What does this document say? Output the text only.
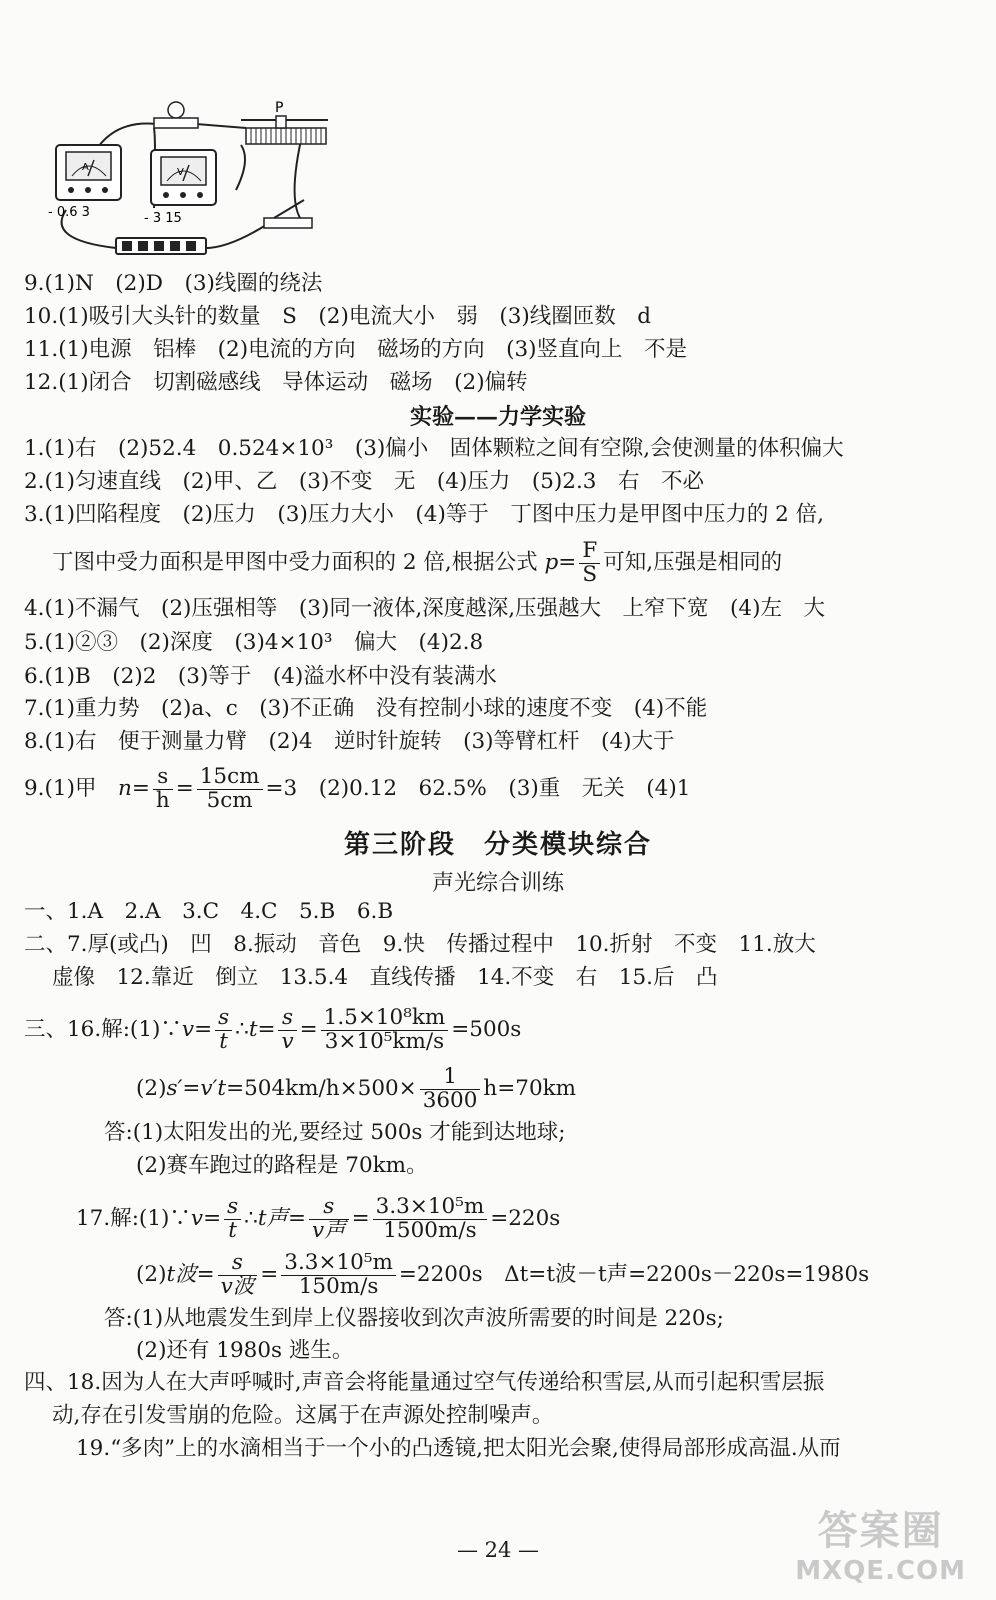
A
- 0.6 3
V
- 3 15
P
9.(1)N　(2)D　(3)线圈的绕法
10.(1)吸引大头针的数量　S　(2)电流大小　弱　(3)线圈匝数　d
11.(1)电源　铝棒　(2)电流的方向　磁场的方向　(3)竖直向上　不是
12.(1)闭合　切割磁感线　导体运动　磁场　(2)偏转
实验——力学实验
1.(1)右　(2)52.4　0.524×10³　(3)偏小　固体颗粒之间有空隙,会使测量的体积偏大
2.(1)匀速直线　(2)甲、乙　(3)不变　无　(4)压力　(5)2.3　右　不必
3.(1)凹陷程度　(2)压力　(3)压力大小　(4)等于　丁图中压力是甲图中压力的 2 倍,
丁图中受力面积是甲图中受力面积的 2 倍,根据公式 $p= \frac{F}{S}$ 可知,压强是相同的
4.(1)不漏气　(2)压强相等　(3)同一液体,深度越深,压强越大　上窄下宽　(4)左　大
5.(1)②③　(2)深度　(3)4×10³　偏大　(4)2.8
6.(1)B　(2)2　(3)等于　(4)溢水杯中没有装满水
7.(1)重力势　(2)a、c　(3)不正确　没有控制小球的速度不变　(4)不能
8.(1)右　便于测量力臂　(2)4　逆时针旋转　(3)等臂杠杆　(4)大于
9.(1)甲　$n= \frac{s}{h} = \frac{15cm}{5cm} =3$　(2)0.12　62.5%　(3)重　无关　(4)1
第三阶段　分类模块综合
声光综合训练
一、1.A　2.A　3.C　4.C　5.B　6.B
二、7.厚(或凸)　凹　8.振动　音色　9.快　传播过程中　10.折射　不变　11.放大
虚像　12.靠近　倒立　13.5.4　直线传播　14.不变　右　15.后　凸
三、16.解:(1)∵v= $\frac{s}{t}$ ∴t= $\frac{s}{v} = \frac{\text{1.5×10⁸km}}{\text{3×10⁵km/s}} =500s$
$(2)s'=v't=504km/h\times 500\times \frac{1}{3600} h=70km$
答:(1)太阳发出的光,要经过 500s 才能到达地球;
(2)赛车跑过的路程是 70km。
17.解:(1)∵v= $\frac{s}{t}$ ∴t声= $\frac{s}{\text{v声}} = \frac{\text{3.3×10⁵m}}{1500m/s} =220s$
(2)t波= $\frac{s}{\text{v波}} = \frac{\text{3.3×10⁵m}}{150m/s} =2200s$　Δt=t波－t声=2200s－220s=1980s
答:(1)从地震发生到岸上仪器接收到次声波所需要的时间是 220s;
(2)还有 1980s 逃生。
四、18.因为人在大声呼喊时,声音会将能量通过空气传递给积雪层,从而引起积雪层振
动,存在引发雪崩的危险。这属于在声源处控制噪声。
19.“多肉”上的水滴相当于一个小的凸透镜,把太阳光会聚,使得局部形成高温.从而
— 24 —	答案圈
MXQE.COM
